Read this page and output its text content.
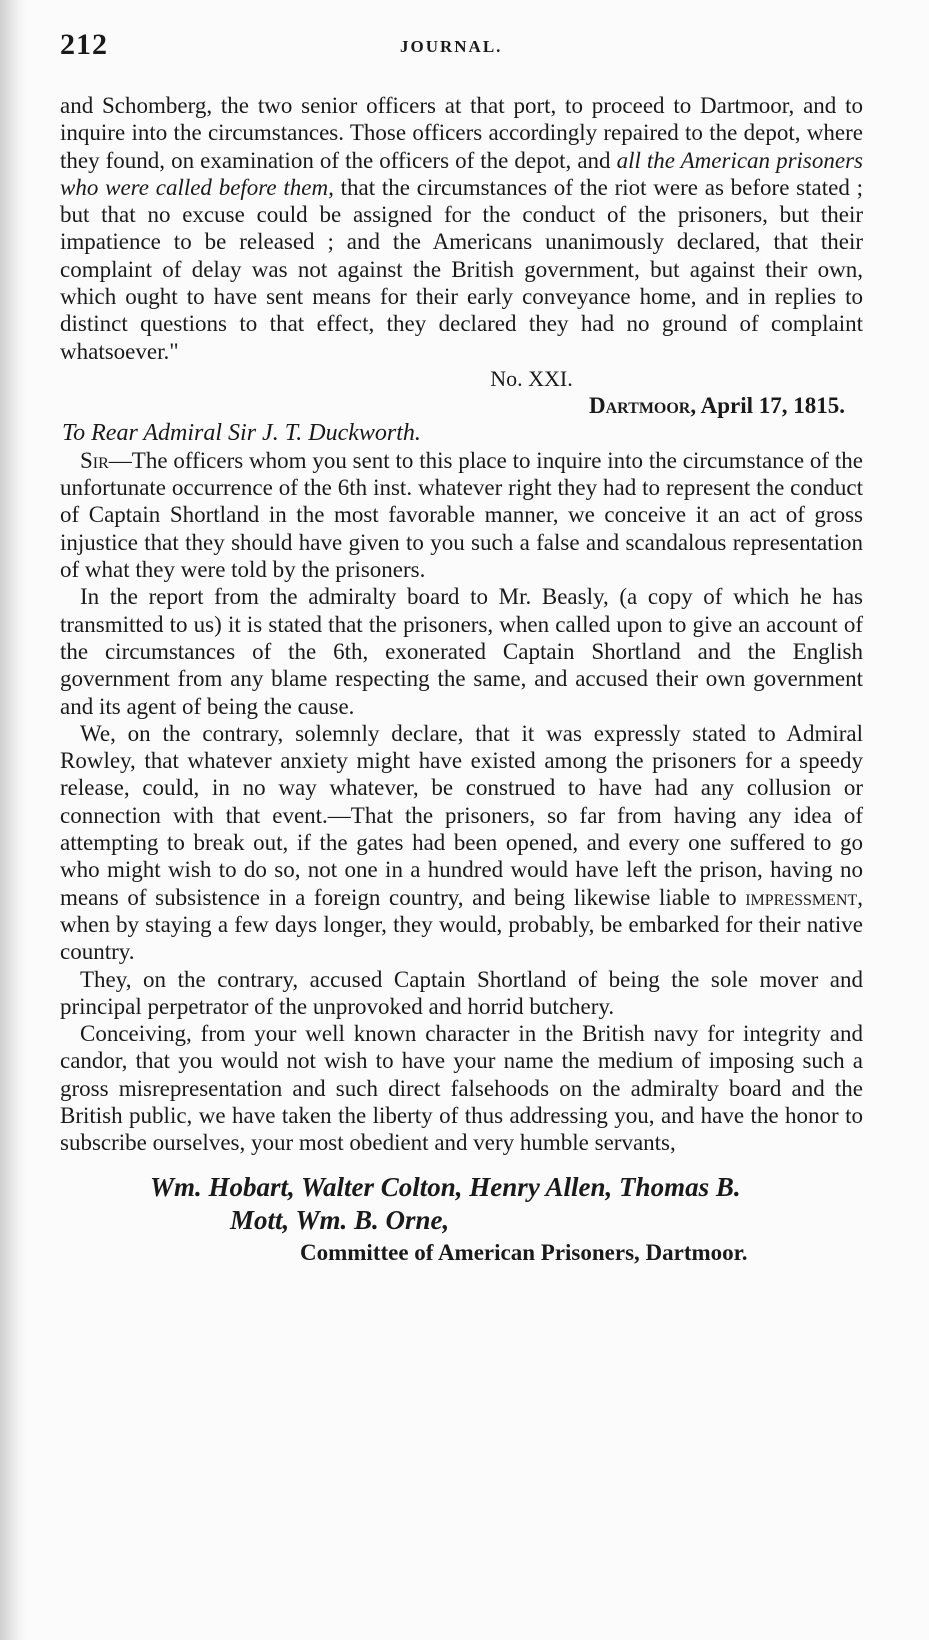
212	JOURNAL.

and Schomberg, the two senior officers at that port, to proceed to Dartmoor, and to inquire into the circumstances. Those officers accordingly repaired to the depot, where they found, on examination of the officers of the depot, and all the American prisoners who were called before them, that the circumstances of the riot were as before stated ; but that no excuse could be assigned for the conduct of the prisoners, but their impatience to be released ; and the Americans unanimously declared, that their complaint of delay was not against the British government, but against their own, which ought to have sent means for their early conveyance home, and in replies to distinct questions to that effect, they declared they had no ground of complaint whatsoever."

No. XXI.

Dartmoor, April 17, 1815.

To Rear Admiral Sir J. T. Duckworth.

Sir—The officers whom you sent to this place to inquire into the circumstance of the unfortunate occurrence of the 6th inst. whatever right they had to represent the conduct of Captain Shortland in the most favorable manner, we conceive it an act of gross injustice that they should have given to you such a false and scandalous representation of what they were told by the prisoners.

In the report from the admiralty board to Mr. Beasly, (a copy of which he has transmitted to us) it is stated that the prisoners, when called upon to give an account of the circumstances of the 6th, exonerated Captain Shortland and the English government from any blame respecting the same, and accused their own government and its agent of being the cause.

We, on the contrary, solemnly declare, that it was expressly stated to Admiral Rowley, that whatever anxiety might have existed among the prisoners for a speedy release, could, in no way whatever, be construed to have had any collusion or connection with that event.—That the prisoners, so far from having any idea of attempting to break out, if the gates had been opened, and every one suffered to go who might wish to do so, not one in a hundred would have left the prison, having no means of subsistence in a foreign country, and being likewise liable to impressment, when by staying a few days longer, they would, probably, be embarked for their native country.

They, on the contrary, accused Captain Shortland of being the sole mover and principal perpetrator of the unprovoked and horrid butchery.

Conceiving, from your well known character in the British navy for integrity and candor, that you would not wish to have your name the medium of imposing such a gross misrepresentation and such direct falsehoods on the admiralty board and the British public, we have taken the liberty of thus addressing you, and have the honor to subscribe ourselves, your most obedient and very humble servants,

Wm. Hobart, Walter Colton, Henry Allen, Thomas B.
Mott, Wm. B. Orne,
Committee of American Prisoners, Dartmoor.
